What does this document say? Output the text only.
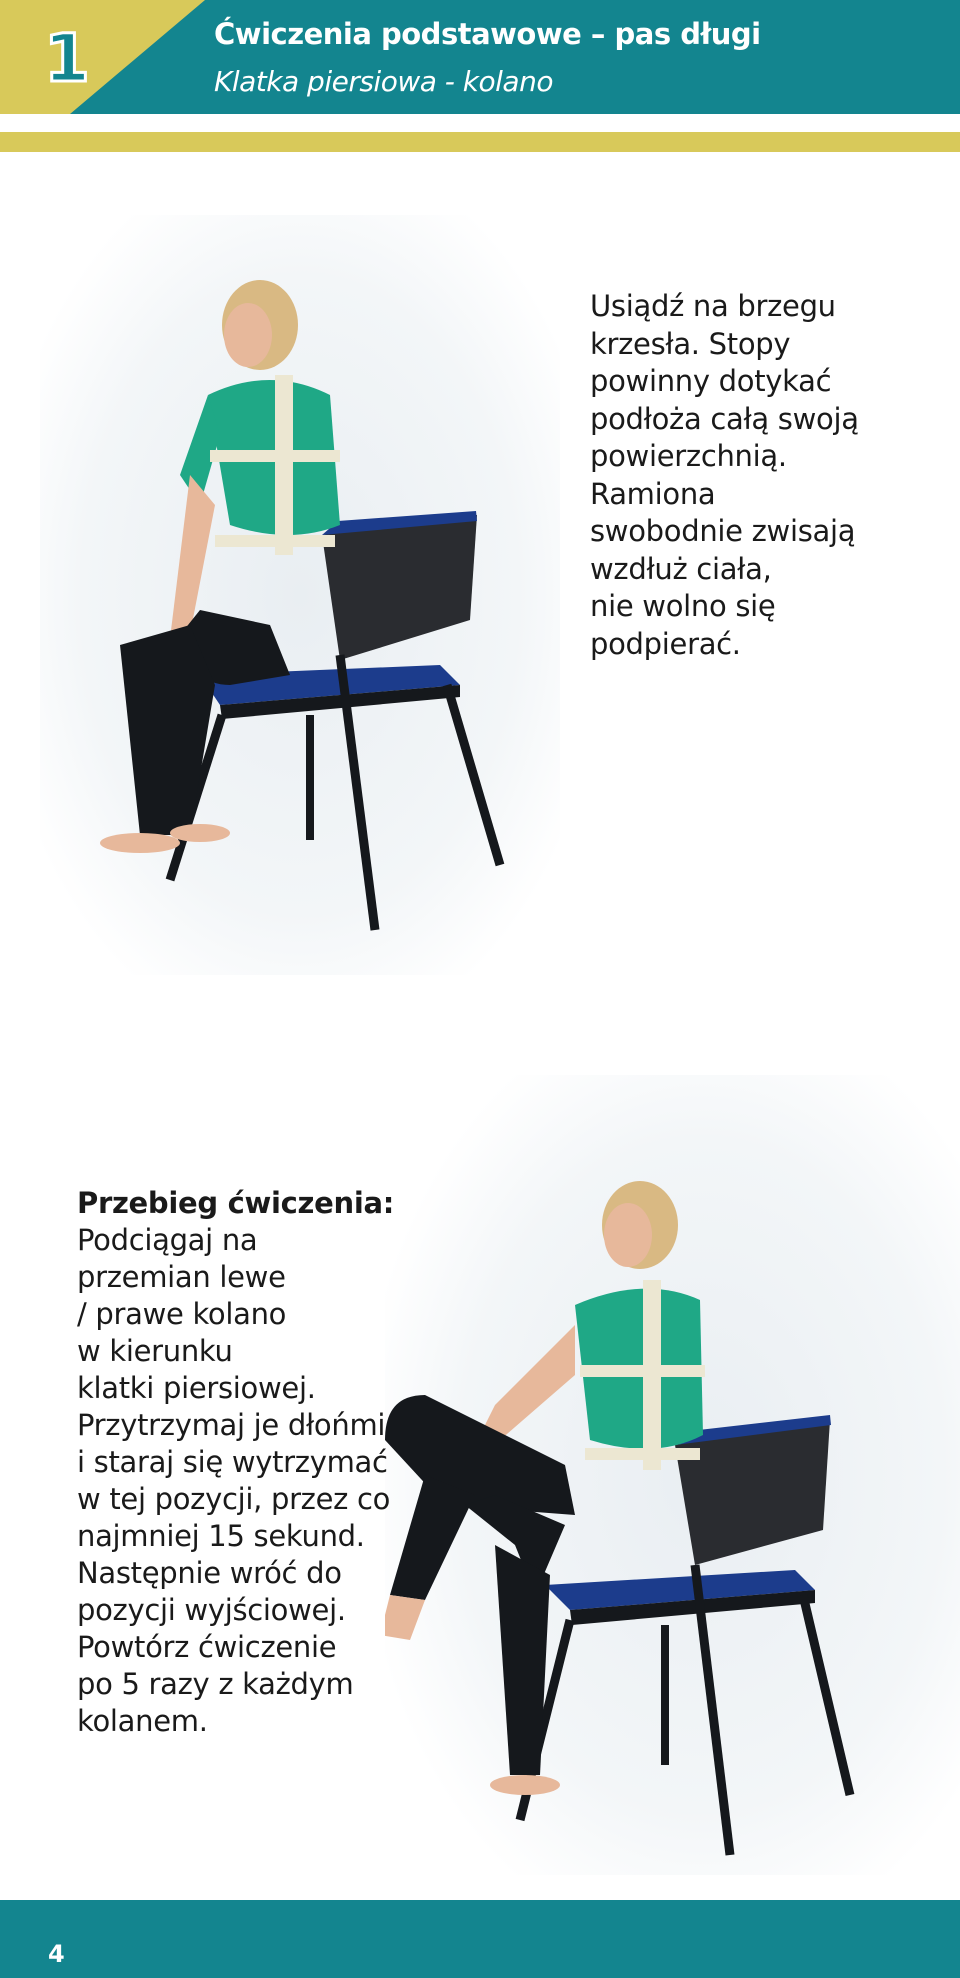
1	Ćwiczenia podstawowe – pas długi
Klatka piersiowa - kolano
Usiądź na brzegu
krzesła. Stopy
powinny dotykać
podłoża całą swoją
powierzchnią.
Ramiona
swobodnie zwisają
wzdłuż ciała,
nie wolno się
podpierać.
Przebieg ćwiczenia:
Podciągaj na
przemian lewe
/ prawe kolano
w kierunku
klatki piersiowej.
Przytrzymaj je dłońmi
i staraj się wytrzymać
w tej pozycji, przez co
najmniej 15 sekund.
Następnie wróć do
pozycji wyjściowej.
Powtórz ćwiczenie
po 5 razy z każdym
kolanem.
4
